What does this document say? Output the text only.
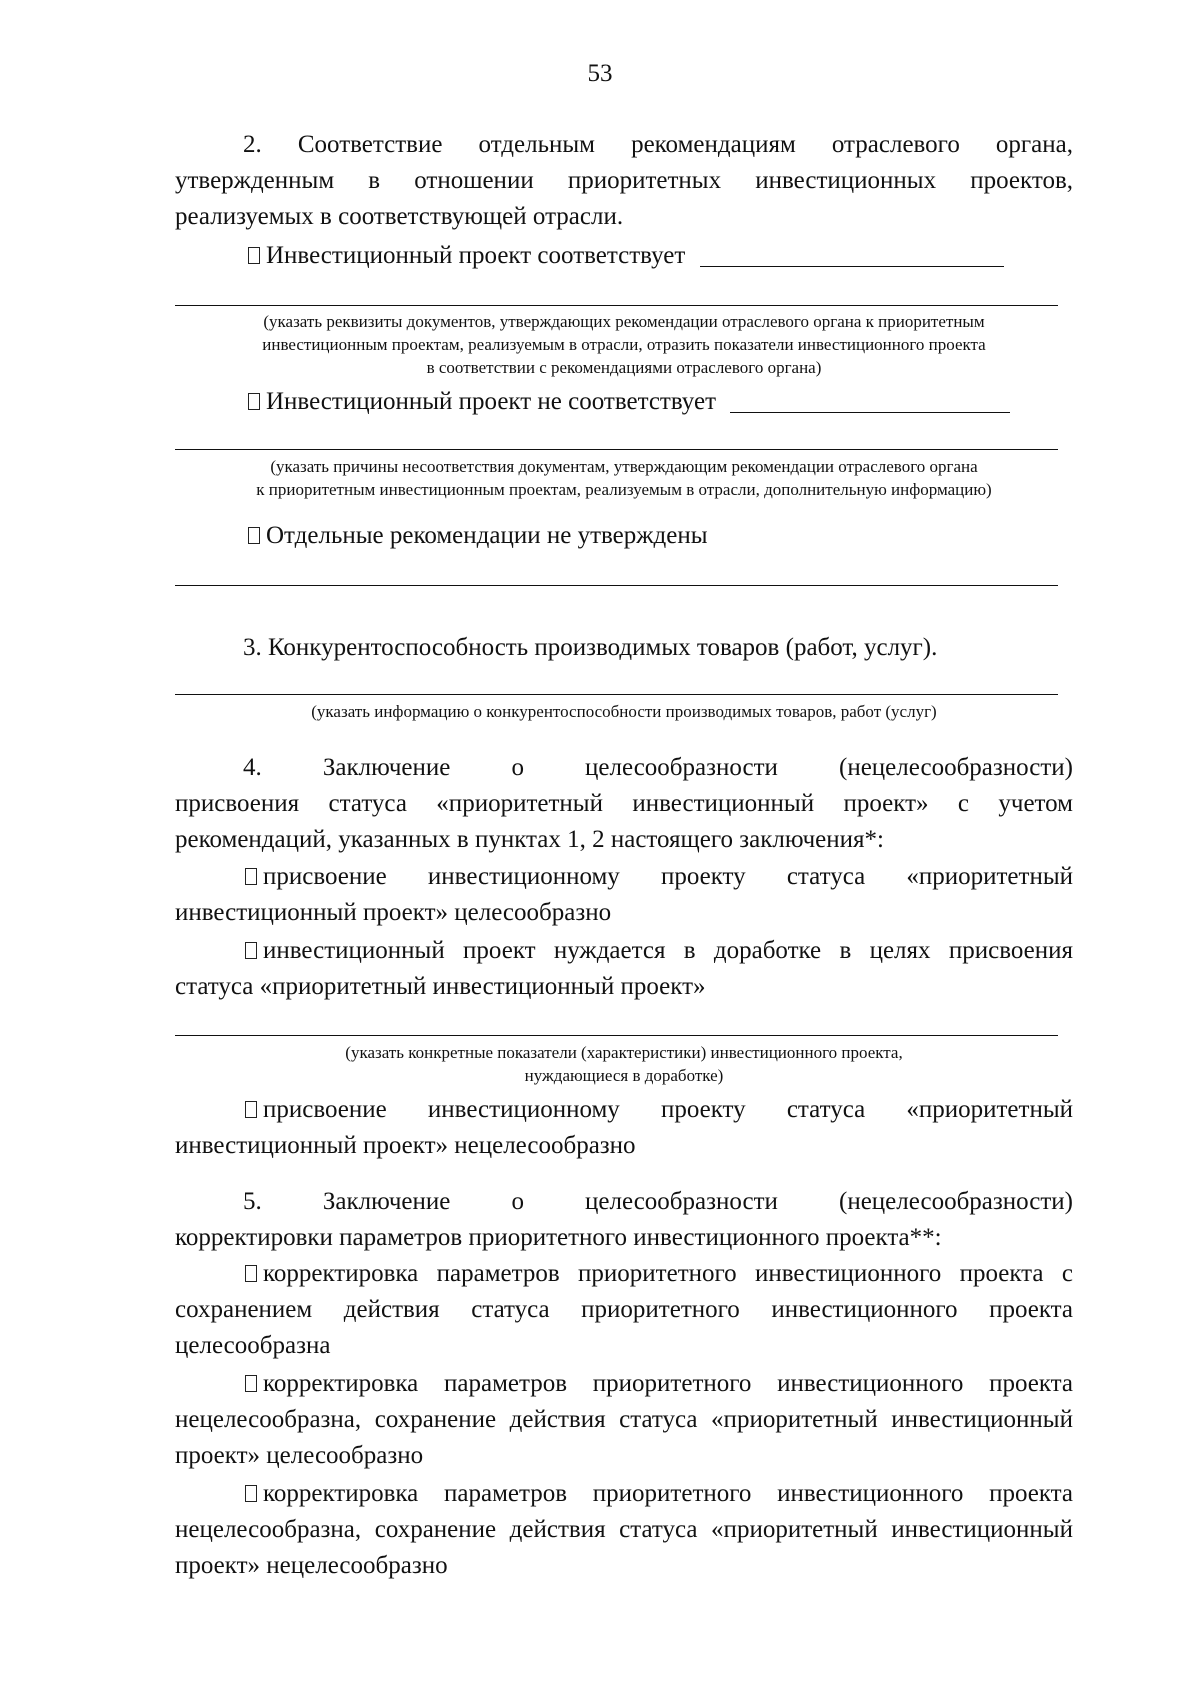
53
2. Соответствие отдельным рекомендациям отраслевого органа, утвержденным в отношении приоритетных инвестиционных проектов, реализуемых в соответствующей отрасли.
Инвестиционный проект соответствует
(указать реквизиты документов, утверждающих рекомендации отраслевого органа к приоритетным
инвестиционным проектам, реализуемым в отрасли, отразить показатели инвестиционного проекта
в соответствии с рекомендациями отраслевого органа)
Инвестиционный проект не соответствует
(указать причины несоответствия документам, утверждающим рекомендации отраслевого органа
к приоритетным инвестиционным проектам, реализуемым в отрасли, дополнительную информацию)
Отдельные рекомендации не утверждены
3. Конкурентоспособность производимых товаров (работ, услуг).
(указать информацию о конкурентоспособности производимых товаров, работ (услуг)
4. Заключение о целесообразности (нецелесообразности)
присвоения статуса «приоритетный инвестиционный проект» с учетом рекомендаций, указанных в пунктах 1, 2 настоящего заключения*:
присвоение инвестиционному проекту статуса «приоритетный инвестиционный проект» целесообразно
инвестиционный проект нуждается в доработке в целях присвоения статуса «приоритетный инвестиционный проект»
(указать конкретные показатели (характеристики) инвестиционного проекта,
нуждающиеся в доработке)
присвоение инвестиционному проекту статуса «приоритетный инвестиционный проект» нецелесообразно
5. Заключение о целесообразности (нецелесообразности)
корректировки параметров приоритетного инвестиционного проекта**:
корректировка параметров приоритетного инвестиционного проекта с сохранением действия статуса приоритетного инвестиционного проекта целесообразна
корректировка параметров приоритетного инвестиционного проекта нецелесообразна, сохранение действия статуса «приоритетный инвестиционный проект» целесообразно
корректировка параметров приоритетного инвестиционного проекта нецелесообразна, сохранение действия статуса «приоритетный инвестиционный проект» нецелесообразно
